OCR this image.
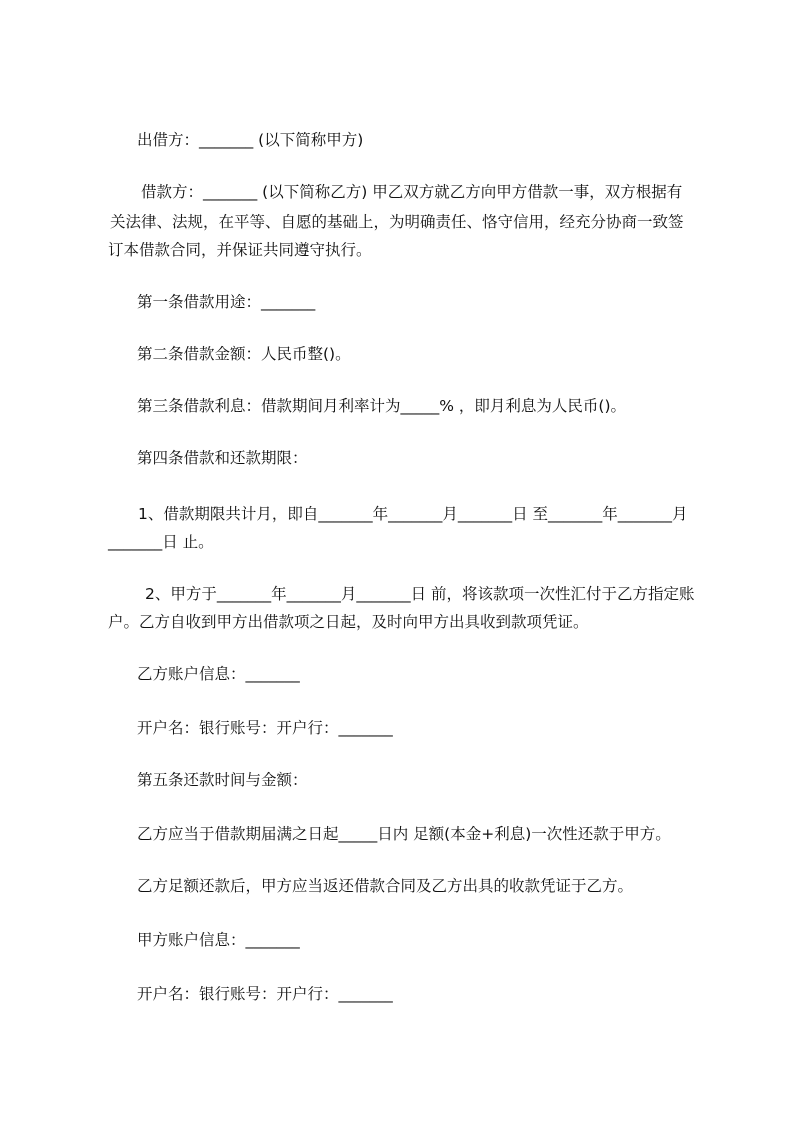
出借方：_______ (以下简称甲方)
借款方：_______ (以下简称乙方) 甲乙双方就乙方向甲方借款一事，双方根据有
关法律、法规，在平等、自愿的基础上，为明确责任、恪守信用，经充分协商一致签
订本借款合同，并保证共同遵守执行。
第一条借款用途：_______
第二条借款金额：人民币整()。
第三条借款利息：借款期间月利率计为_____% ，即月利息为人民币()。
第四条借款和还款期限：
1、借款期限共计月，即自_______年_______月_______日 至_______年_______月
_______日 止。
2、甲方于_______年_______月_______日 前，将该款项一次性汇付于乙方指定账
户。乙方自收到甲方出借款项之日起，及时向甲方出具收到款项凭证。
乙方账户信息：_______
开户名：银行账号：开户行：_______
第五条还款时间与金额：
乙方应当于借款期届满之日起_____日内 足额(本金+利息)一次性还款于甲方。
乙方足额还款后，甲方应当返还借款合同及乙方出具的收款凭证于乙方。
甲方账户信息：_______
开户名：银行账号：开户行：_______
